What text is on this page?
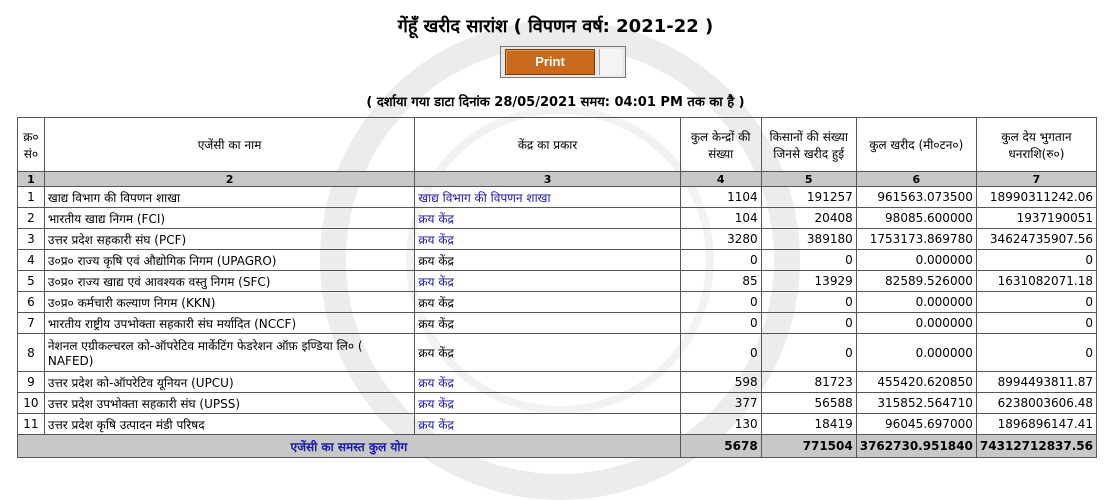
गेंहूँ खरीद सारांश ( विपणन वर्ष: 2021-22 )
Print
( दर्शाया गया डाटा दिनांक 28/05/2021 समय: 04:01 PM तक का है )
क्र० सं०	एजेंसी का नाम	केंद्र का प्रकार	कुल केन्द्रों की संख्या	किसानों की संख्या जिनसे खरीद हुई	कुल खरीद (मी०टन०)	कुल देय भुगतान धनराशि(रु०)
1	2	3	4	5	6	7
1	खाद्य विभाग की विपणन शाखा	खाद्य विभाग की विपणन शाखा	1104	191257	961563.073500	18990311242.06
2	भारतीय खाद्य निगम (FCI)	क्रय केंद्र	104	20408	98085.600000	1937190051
3	उत्तर प्रदेश सहकारी संघ (PCF)	क्रय केंद्र	3280	389180	1753173.869780	34624735907.56
4	उ०प्र० राज्य कृषि एवं औद्योगिक निगम (UPAGRO)	क्रय केंद्र	0	0	0.000000	0
5	उ०प्र० राज्य खाद्य एवं आवश्यक वस्तु निगम (SFC)	क्रय केंद्र	85	13929	82589.526000	1631082071.18
6	उ०प्र० कर्मचारी कल्याण निगम (KKN)	क्रय केंद्र	0	0	0.000000	0
7	भारतीय राष्ट्रीय उपभोक्ता सहकारी संघ मर्यादित (NCCF)	क्रय केंद्र	0	0	0.000000	0
8	नेशनल एग्रीकल्चरल को-ऑपरेटिव मार्केटिंग फेडरेशन ऑफ़ इण्डिया लि० ( NAFED)	क्रय केंद्र	0	0	0.000000	0
9	उत्तर प्रदेश को-ऑपरेटिव यूनियन (UPCU)	क्रय केंद्र	598	81723	455420.620850	8994493811.87
10	उत्तर प्रदेश उपभोक्ता सहकारी संघ (UPSS)	क्रय केंद्र	377	56588	315852.564710	6238003606.48
11	उत्तर प्रदेश कृषि उत्पादन मंडी परिषद	क्रय केंद्र	130	18419	96045.697000	1896896147.41
एजेंसी का समस्त कुल योग			5678	771504	3762730.951840	74312712837.56
